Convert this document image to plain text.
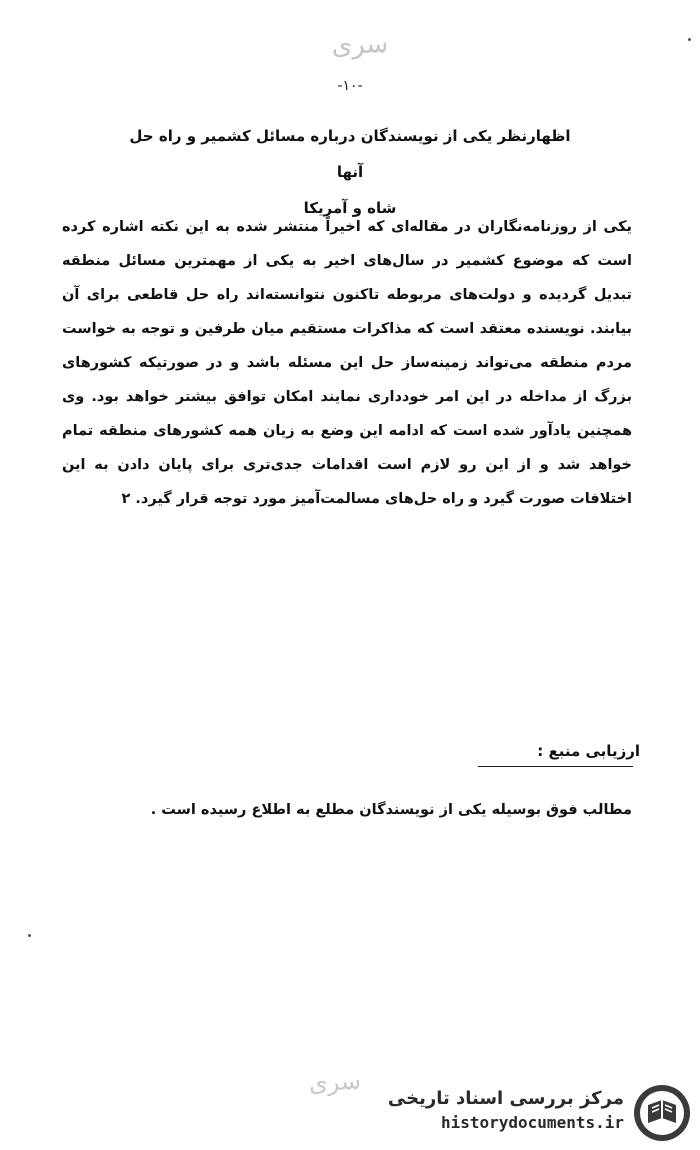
سری
-۱۰-
اظهارنظر یکی از نویسندگان درباره مسائل کشمیر و راه حل آنها
شاه و آمریکا
یکی از روزنامه‌نگاران در مقاله‌ای که اخیراً منتشر شده به این نکته اشاره کرده است که موضوع کشمیر در سال‌های اخیر به یکی از مهمترین مسائل منطقه تبدیل گردیده و دولت‌های مربوطه تاکنون نتوانسته‌اند راه حل قاطعی برای آن بیابند. نویسنده معتقد است که مذاکرات مستقیم میان طرفین و توجه به خواست مردم منطقه می‌تواند زمینه‌ساز حل این مسئله باشد و در صورتیکه کشورهای بزرگ از مداخله در این امر خودداری نمایند امکان توافق بیشتر خواهد بود. وی همچنین یادآور شده است که ادامه این وضع به زیان همه کشورهای منطقه تمام خواهد شد و از این رو لازم است اقدامات جدی‌تری برای پایان دادن به این اختلافات صورت گیرد و راه حل‌های مسالمت‌آمیز مورد توجه قرار گیرد. ۲
ارزیابی منبع :
مطالب فوق بوسیله یکی از نویسندگان مطلع به اطلاع رسیده است .
سری
مرکز بررسی اسناد تاریخی
historydocuments.ir
